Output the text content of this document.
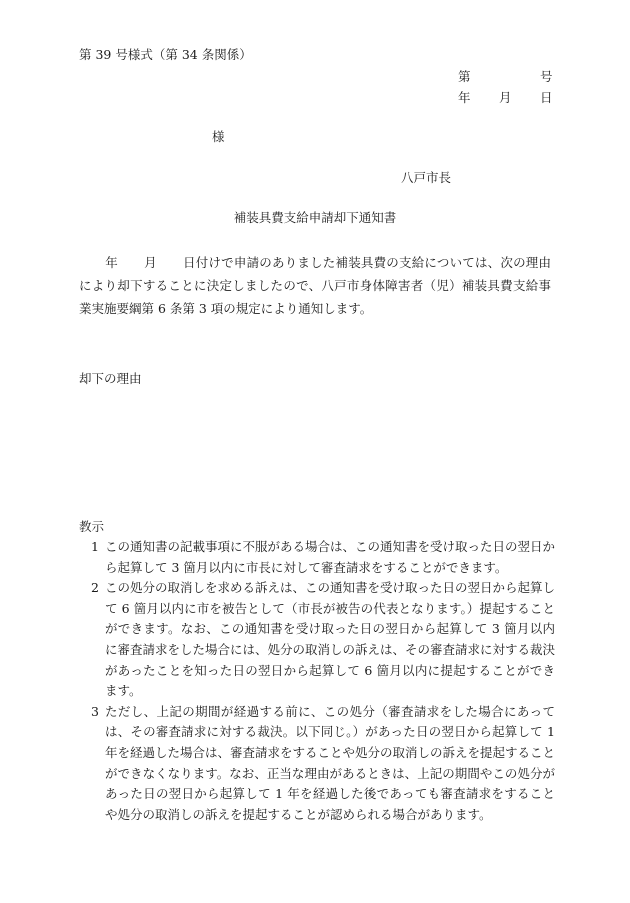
第 39 号様式（第 34 条関係）
第	号
年 月 日
様
八戸市長
補装具費支給申請却下通知書
年 月 日付けで申請のありました補装具費の支給については、次の理由により却下することに決定しましたので、八戸市身体障害者（児）補装具費支給事業実施要綱第 6 条第 3 項の規定により通知します。
却下の理由
教示
1 この通知書の記載事項に不服がある場合は、この通知書を受け取った日の翌日から起算して 3 箇月以内に市長に対して審査請求をすることができます。
2 この処分の取消しを求める訴えは、この通知書を受け取った日の翌日から起算して 6 箇月以内に市を被告として（市長が被告の代表となります。）提起することができます。なお、この通知書を受け取った日の翌日から起算して 3 箇月以内に審査請求をした場合には、処分の取消しの訴えは、その審査請求に対する裁決があったことを知った日の翌日から起算して 6 箇月以内に提起することができます。
3 ただし、上記の期間が経過する前に、この処分（審査請求をした場合にあっては、その審査請求に対する裁決。以下同じ。）があった日の翌日から起算して 1 年を経過した場合は、審査請求をすることや処分の取消しの訴えを提起することができなくなります。なお、正当な理由があるときは、上記の期間やこの処分があった日の翌日から起算して 1 年を経過した後であっても審査請求をすることや処分の取消しの訴えを提起することが認められる場合があります。
